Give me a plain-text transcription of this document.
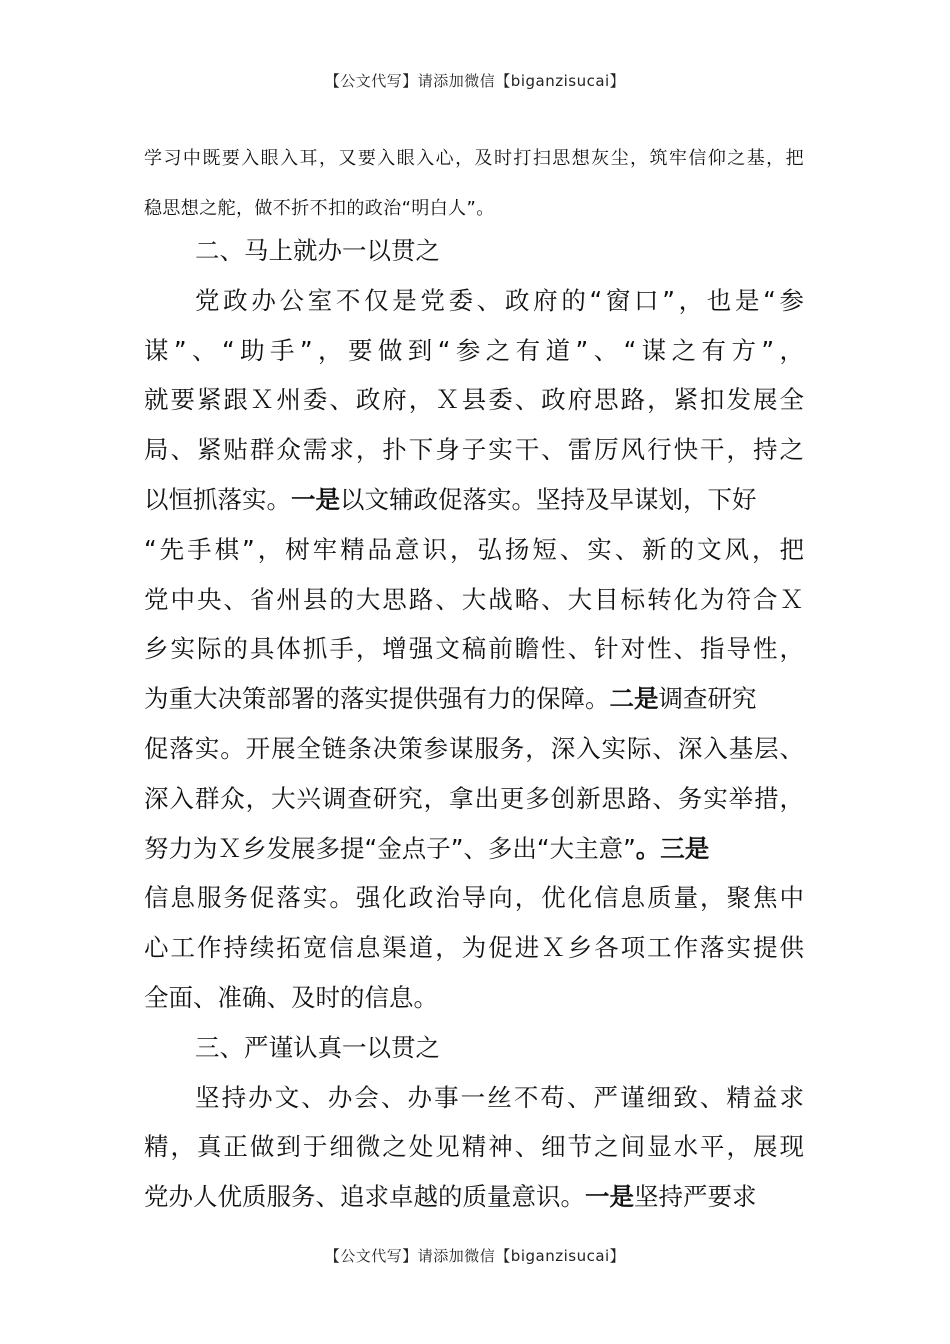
【公文代写】请添加微信【biganzisucai】
学习中既要入眼入耳，又要入眼入心，及时打扫思想灰尘，筑牢信仰之基，把
稳思想之舵，做不折不扣的政治“明白人”。
二、马上就办一以贯之
党政办公室不仅是党委、政府的“窗口”，也是“参
谋”、“助手”，要做到“参之有道”、“谋之有方”，
就要紧跟Ｘ州委、政府，Ｘ县委、政府思路，紧扣发展全
局、紧贴群众需求，扑下身子实干、雷厉风行快干，持之
以恒抓落实。一是以文辅政促落实。坚持及早谋划，下好
“先手棋”，树牢精品意识，弘扬短、实、新的文风，把
党中央、省州县的大思路、大战略、大目标转化为符合Ｘ
乡实际的具体抓手，增强文稿前瞻性、针对性、指导性，
为重大决策部署的落实提供强有力的保障。二是调查研究
促落实。开展全链条决策参谋服务，深入实际、深入基层、
深入群众，大兴调查研究，拿出更多创新思路、务实举措，
努力为Ｘ乡发展多提“金点子”、多出“大主意”。三是
信息服务促落实。强化政治导向，优化信息质量，聚焦中
心工作持续拓宽信息渠道，为促进Ｘ乡各项工作落实提供
全面、准确、及时的信息。
三、严谨认真一以贯之
坚持办文、办会、办事一丝不苟、严谨细致、精益求
精，真正做到于细微之处见精神、细节之间显水平，展现
党办人优质服务、追求卓越的质量意识。一是坚持严要求
【公文代写】请添加微信【biganzisucai】
